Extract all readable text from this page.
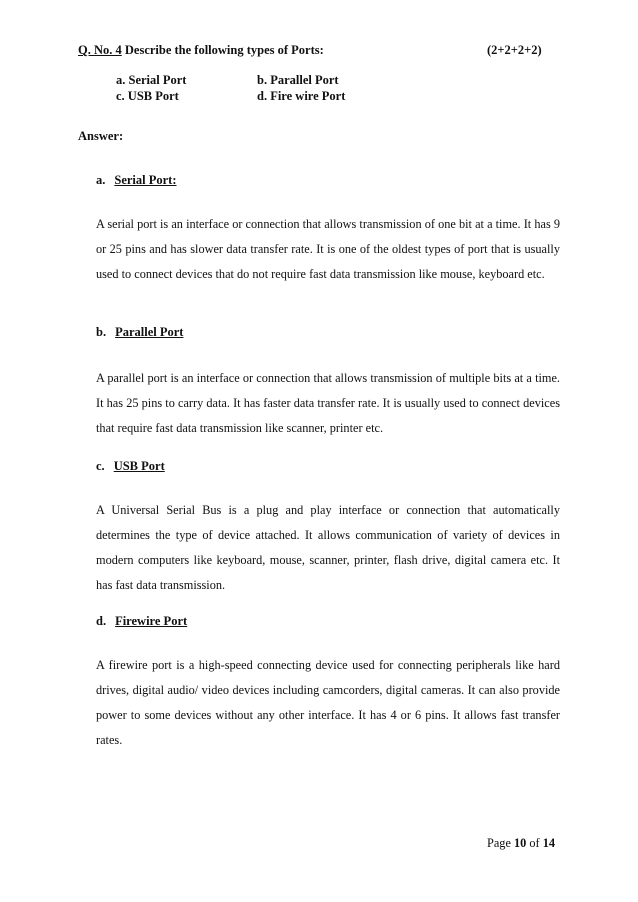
Q. No. 4 Describe the following types of Ports:	(2+2+2+2)
a. Serial Port	b. Parallel Port
c. USB Port	d. Fire wire Port
Answer:
a. Serial Port:
A serial port is an interface or connection that allows transmission of one bit at a time. It has 9 or 25 pins and has slower data transfer rate. It is one of the oldest types of port that is usually used to connect devices that do not require fast data transmission like mouse, keyboard etc.
b. Parallel Port
A parallel port is an interface or connection that allows transmission of multiple bits at a time. It has 25 pins to carry data. It has faster data transfer rate. It is usually used to connect devices that require fast data transmission like scanner, printer etc.
c. USB Port
A Universal Serial Bus is a plug and play interface or connection that automatically determines the type of device attached. It allows communication of variety of devices in modern computers like keyboard, mouse, scanner, printer, flash drive, digital camera etc. It has fast data transmission.
d. Firewire Port
A firewire port is a high-speed connecting device used for connecting peripherals like hard drives, digital audio/ video devices including camcorders, digital cameras. It can also provide power to some devices without any other interface. It has 4 or 6 pins. It allows fast transfer rates.
Page 10 of 14
